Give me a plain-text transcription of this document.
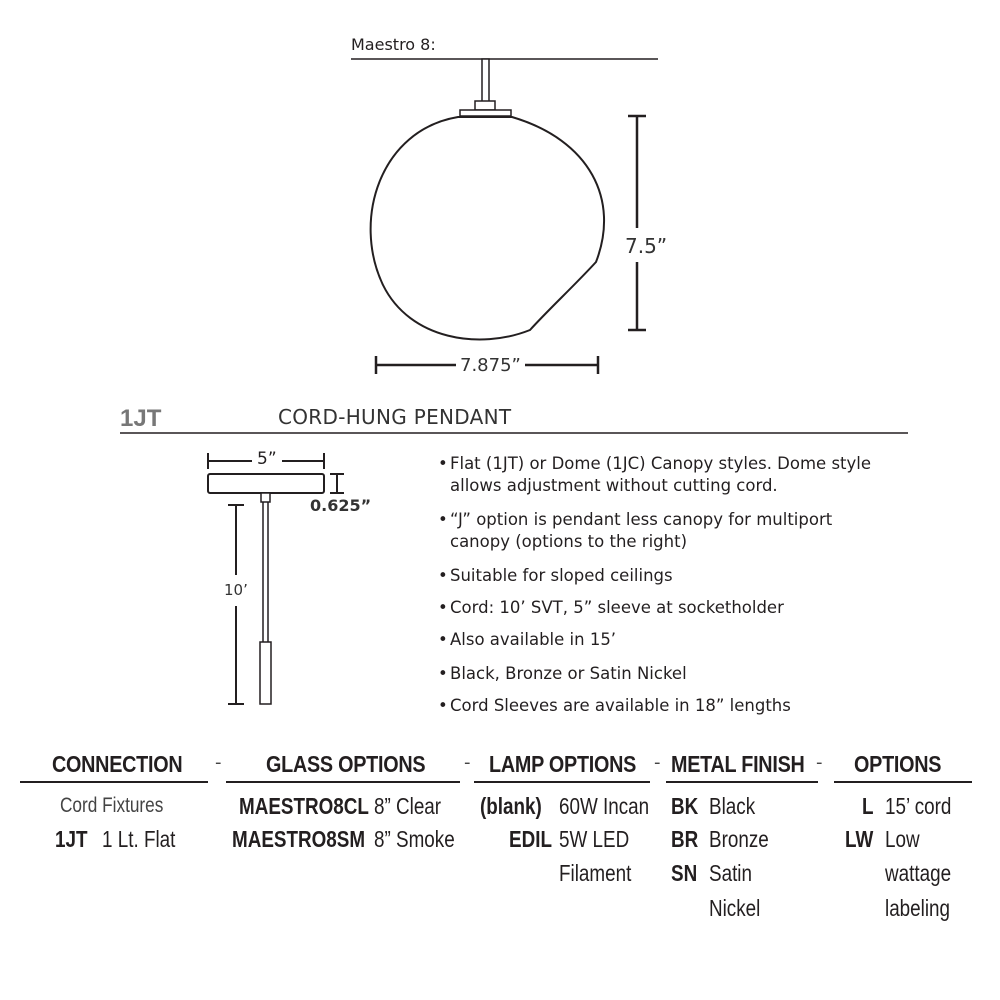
Maestro 8:
7.875”
7.5”
1JT	CORD-HUNG PENDANT
5”
0.625”
10’
• Flat (1JT) or Dome (1JC) Canopy styles. Dome style
allows adjustment without cutting cord.
• “J” option is pendant less canopy for multiport
canopy (options to the right)
• Suitable for sloped ceilings
• Cord: 10’ SVT, 5” sleeve at socketholder
• Also available in 15’
• Black, Bronze or Satin Nickel
• Cord Sleeves are available in 18” lengths
CONNECTION - GLASS OPTIONS - LAMP OPTIONS - METAL FINISH - OPTIONS
Cord Fixtures
1JT 1 Lt. Flat
MAESTRO8CL 8” Clear
MAESTRO8SM 8” Smoke
(blank) 60W Incan
EDIL 5W LED
Filament
BK Black
BR Bronze
SN Satin
Nickel
L 15’ cord
LW Low
wattage
labeling
